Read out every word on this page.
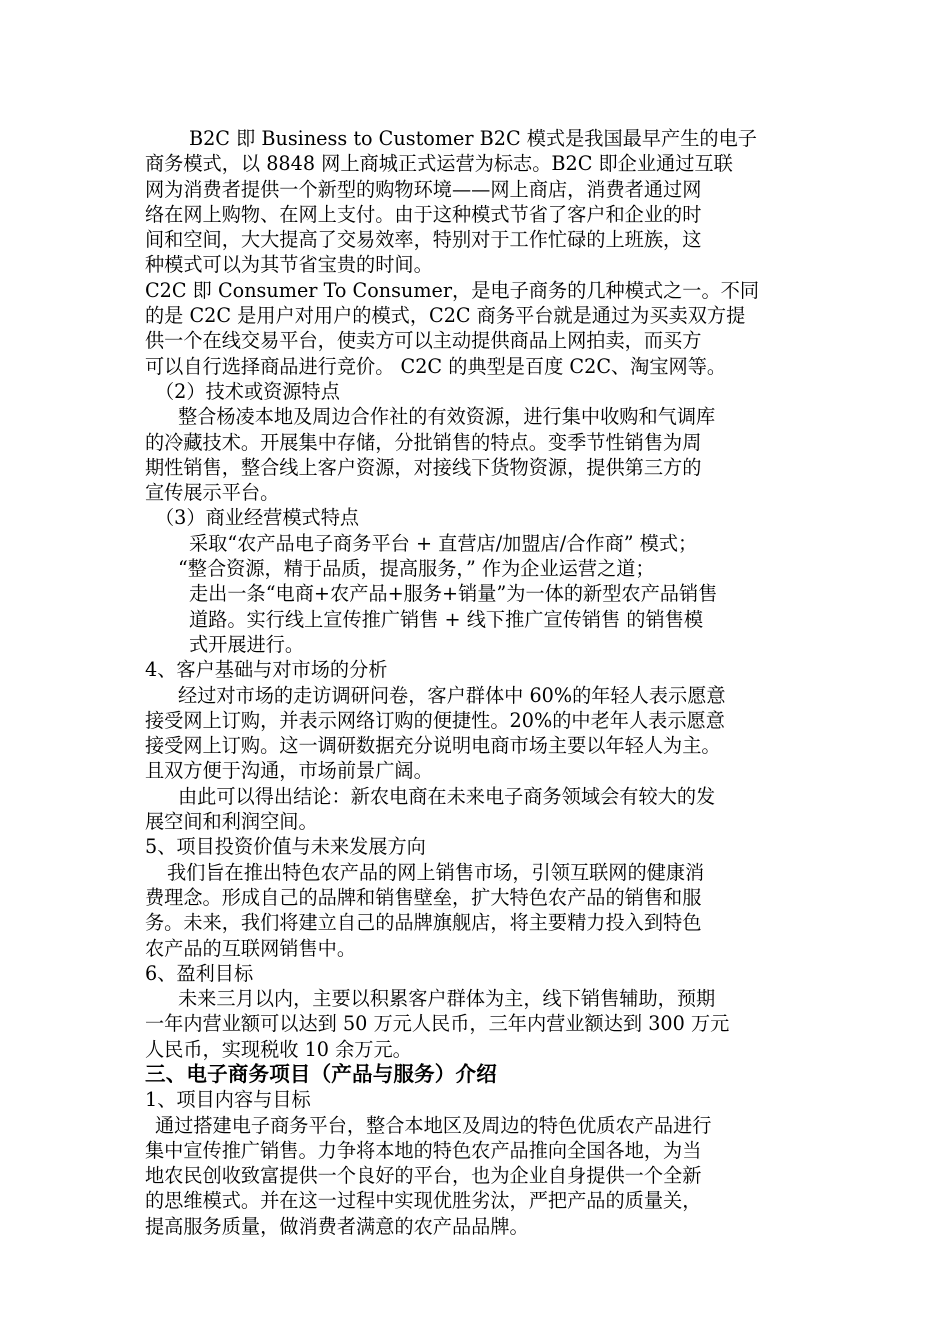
B2C 即 Business to Customer B2C 模式是我国最早产生的电子
商务模式，以 8848 网上商城正式运营为标志。B2C 即企业通过互联
网为消费者提供一个新型的购物环境——网上商店，消费者通过网
络在网上购物、在网上支付。由于这种模式节省了客户和企业的时
间和空间，大大提高了交易效率，特别对于工作忙碌的上班族，这
种模式可以为其节省宝贵的时间。
C2C 即 Consumer To Consumer，是电子商务的几种模式之一。不同
的是 C2C 是用户对用户的模式，C2C 商务平台就是通过为买卖双方提
供一个在线交易平台，使卖方可以主动提供商品上网拍卖，而买方
可以自行选择商品进行竞价。 C2C 的典型是百度 C2C、淘宝网等。
（2）技术或资源特点
整合杨凌本地及周边合作社的有效资源，进行集中收购和气调库
的冷藏技术。开展集中存储，分批销售的特点。变季节性销售为周
期性销售，整合线上客户资源，对接线下货物资源，提供第三方的
宣传展示平台。
（3）商业经营模式特点
采取“农产品电子商务平台 + 直营店/加盟店/合作商” 模式；
“整合资源，精于品质，提高服务，” 作为企业运营之道；
走出一条“电商+农产品+服务+销量”为一体的新型农产品销售
道路。实行线上宣传推广销售 + 线下推广宣传销售 的销售模
式开展进行。
4、客户基础与对市场的分析
经过对市场的走访调研问卷，客户群体中 60%的年轻人表示愿意
接受网上订购，并表示网络订购的便捷性。20%的中老年人表示愿意
接受网上订购。这一调研数据充分说明电商市场主要以年轻人为主。
且双方便于沟通，市场前景广阔。
由此可以得出结论：新农电商在未来电子商务领域会有较大的发
展空间和利润空间。
5、项目投资价值与未来发展方向
我们旨在推出特色农产品的网上销售市场，引领互联网的健康消
费理念。形成自己的品牌和销售壁垒，扩大特色农产品的销售和服
务。未来，我们将建立自己的品牌旗舰店，将主要精力投入到特色
农产品的互联网销售中。
6、盈利目标
未来三月以内，主要以积累客户群体为主，线下销售辅助，预期
一年内营业额可以达到 50 万元人民币，三年内营业额达到 300 万元
人民币，实现税收 10 余万元。
三、电子商务项目（产品与服务）介绍
1、项目内容与目标
通过搭建电子商务平台，整合本地区及周边的特色优质农产品进行
集中宣传推广销售。力争将本地的特色农产品推向全国各地，为当
地农民创收致富提供一个良好的平台，也为企业自身提供一个全新
的思维模式。并在这一过程中实现优胜劣汰，严把产品的质量关，
提高服务质量，做消费者满意的农产品品牌。
